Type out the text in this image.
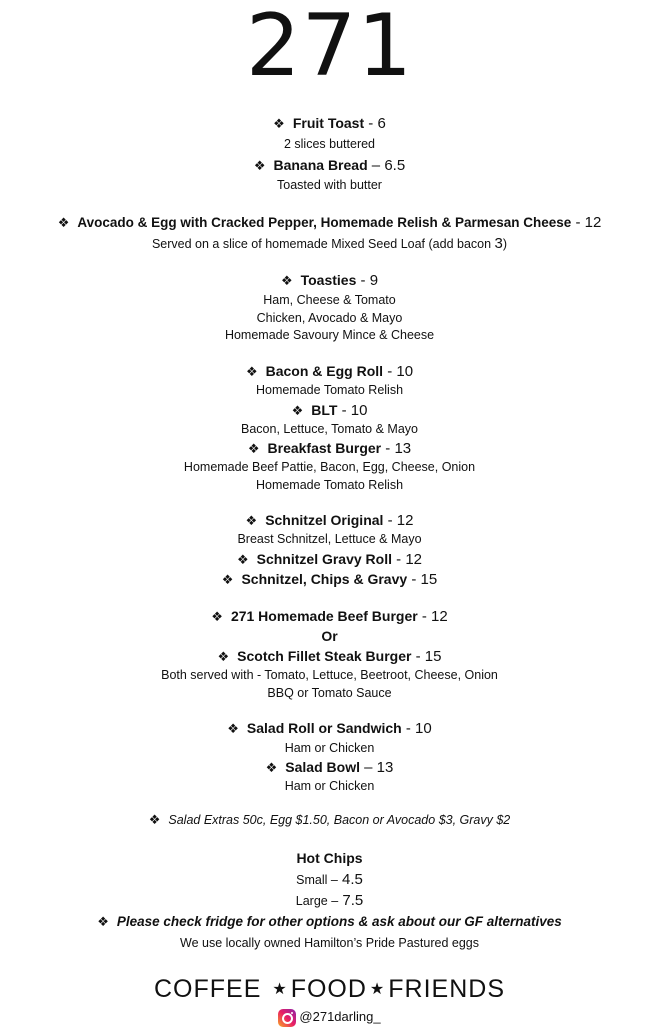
271
❖ Fruit Toast - 6
2 slices buttered
❖ Banana Bread – 6.5
Toasted with butter
❖ Avocado & Egg with Cracked Pepper, Homemade Relish & Parmesan Cheese - 12
Served on a slice of homemade Mixed Seed Loaf (add bacon 3)
❖ Toasties - 9
Ham, Cheese & Tomato
Chicken, Avocado & Mayo
Homemade Savoury Mince & Cheese
❖ Bacon & Egg Roll - 10
Homemade Tomato Relish
❖ BLT - 10
Bacon, Lettuce, Tomato & Mayo
❖ Breakfast Burger - 13
Homemade Beef Pattie, Bacon, Egg, Cheese, Onion
Homemade Tomato Relish
❖ Schnitzel Original - 12
Breast Schnitzel, Lettuce & Mayo
❖ Schnitzel Gravy Roll - 12
❖ Schnitzel, Chips & Gravy - 15
❖ 271 Homemade Beef Burger - 12
Or
❖ Scotch Fillet Steak Burger - 15
Both served with - Tomato, Lettuce, Beetroot, Cheese, Onion
BBQ or Tomato Sauce
❖ Salad Roll or Sandwich - 10
Ham or Chicken
❖ Salad Bowl – 13
Ham or Chicken
❖ Salad Extras 50c, Egg $1.50, Bacon or Avocado $3, Gravy $2
Hot Chips
Small – 4.5
Large – 7.5
❖ Please check fridge for other options & ask about our GF alternatives
We use locally owned Hamilton’s Pride Pastured eggs
COFFEE ★ FOOD ★ FRIENDS
@271darling_
